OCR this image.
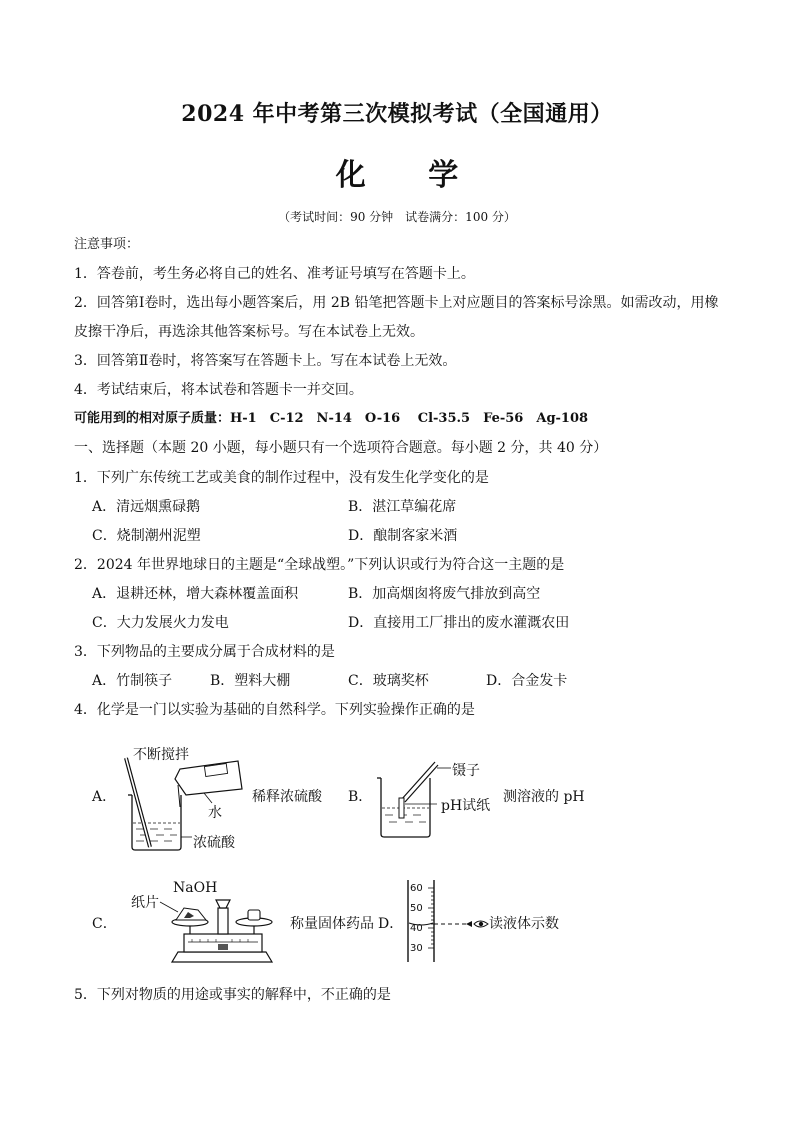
2024 年中考第三次模拟考试（全国通用）
化 学
（考试时间：90 分钟　试卷满分：100 分）
注意事项：
1．答卷前，考生务必将自己的姓名、准考证号填写在答题卡上。
2．回答第Ⅰ卷时，选出每小题答案后，用 2B 铅笔把答题卡上对应题目的答案标号涂黑。如需改动，用橡
皮擦干净后，再选涂其他答案标号。写在本试卷上无效。
3．回答第Ⅱ卷时，将答案写在答题卡上。写在本试卷上无效。
4．考试结束后，将本试卷和答题卡一并交回。
可能用到的相对原子质量：H-1　C-12　N-14　O-16　 Cl-35.5　Fe-56　Ag-108
一、选择题（本题 20 小题，每小题只有一个选项符合题意。每小题 2 分，共 40 分）
1．下列广东传统工艺或美食的制作过程中，没有发生化学变化的是
A．清远烟熏碌鹅	B．湛江草编花席
C．烧制潮州泥塑	D．酿制客家米酒
2．2024 年世界地球日的主题是“全球战塑。”下列认识或行为符合这一主题的是
A．退耕还林，增大森林覆盖面积	B．加高烟囱将废气排放到高空
C．大力发展火力发电	D．直接用工厂排出的废水灌溉农田
3．下列物品的主要成分属于合成材料的是
A．竹制筷子	B．塑料大棚	C．玻璃奖杯	D．合金发卡
4．化学是一门以实验为基础的自然科学。下列实验操作正确的是
A．
不断搅拌
水
稀释浓硫酸
浓硫酸
B．
镊子
pH试纸
测溶液的 pH
C．
纸片
NaOH
称量固体药品 D．	读液体示数
60
50
40
30
5．下列对物质的用途或事实的解释中，不正确的是
